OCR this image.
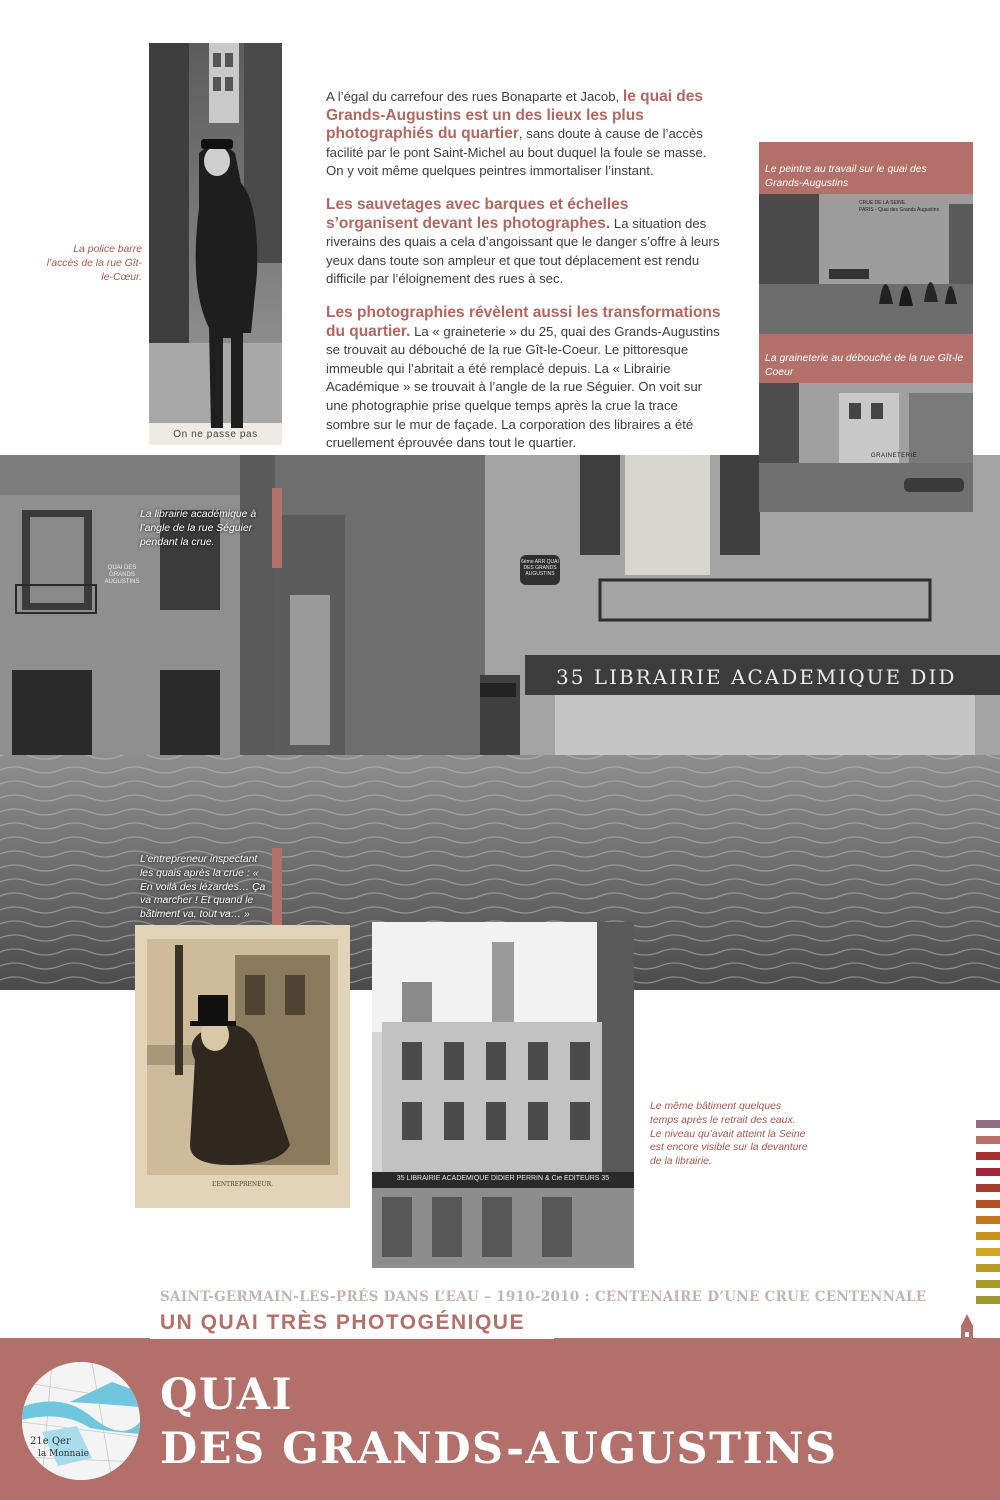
On ne passe pas
La police barre l’accès de la rue Gît-le-Cœur.

A l’égal du carrefour des rues Bonaparte et Jacob, le quai des Grands-Augustins est un des lieux les plus photographiés du quartier, sans doute à cause de l’accès facilité par le pont Saint-Michel au bout duquel la foule se masse. On y voit même quelques peintres immortaliser l’instant.

Les sauvetages avec barques et échelles s’organisent devant les photographes. La situation des riverains des quais a cela d’angoissant que le danger s’offre à leurs yeux dans toute son ampleur et que tout déplacement est rendu difficile par l’éloignement des rues à sec.

Les photographies révèlent aussi les transformations du quartier. La « graineterie » du 25, quai des Grands-Augustins se trouvait au débouché de la rue Gît-le-Coeur. Le pittoresque immeuble qui l’abritait a été remplacé depuis. La « Librairie Académique » se trouvait à l’angle de la rue Séguier. On voit sur une photographie prise quelque temps après la crue la trace sombre sur le mur de façade. La corporation des libraires a été cruellement éprouvée dans tout le quartier.

35 LIBRAIRIE ACADEMIQUE DID
6ème ARR QUAI DES GRANDS AUGUSTINS
QUAI DES GRANDS AUGUSTINS
La librairie académique à l’angle de la rue Séguier pendant la crue.
L’entrepreneur inspectant les quais après la crue : « En voilà des lézardes… Ça va marcher ! Et quand le bâtiment va, tout va… »
Le peintre au travail sur le quai des Grands-Augustins
CRUE DE LA SEINE
PARIS - Quai des Grands Augustins
La graineterie au débouché de la rue Gît-le Coeur
GRAINETERIE
L’ENTREPRENEUR.
35 LIBRAIRIE ACADEMIQUE DIDIER PERRIN & Cie EDITEURS 35
Le même bâtiment quelques temps après le retrait des eaux. Le niveau qu’avait atteint la Seine est encore visible sur la devanture de la librairie.
SAINT-GERMAIN-LES-PRÉS DANS L’EAU – 1910-2010 : CENTENAIRE D’UNE CRUE CENTENNALE
UN QUAI TRÈS PHOTOGÉNIQUE
21e Qer
la Monnaie
QUAI
DES GRANDS-AUGUSTINS
